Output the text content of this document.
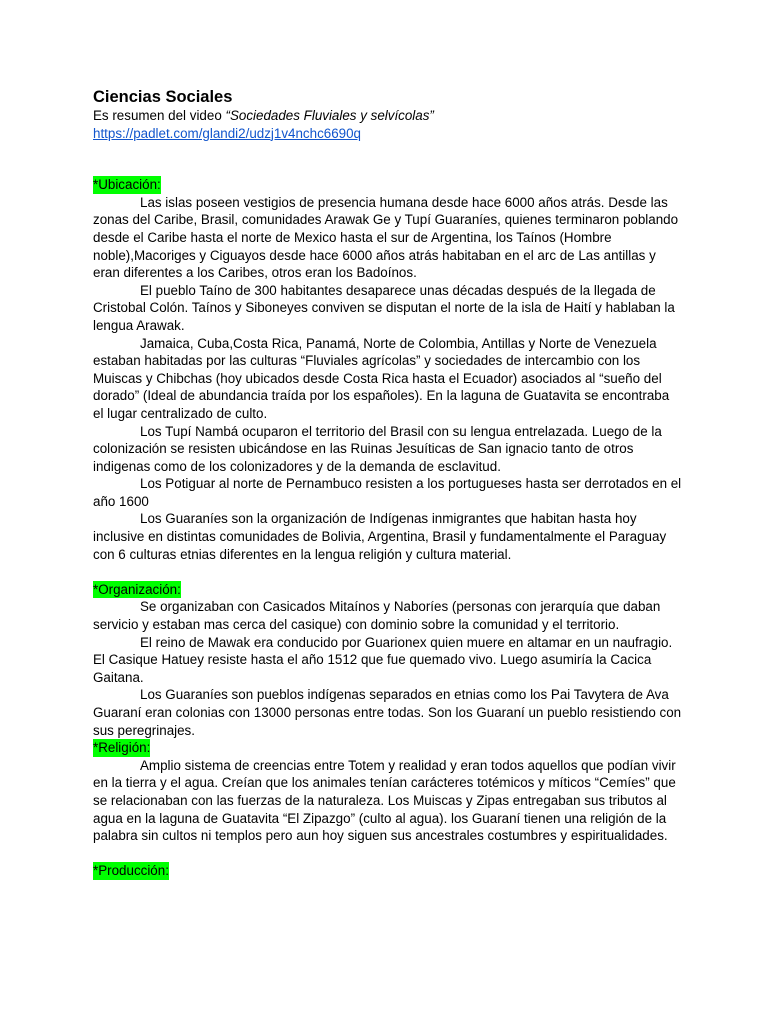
Ciencias Sociales
Es resumen del video “Sociedades Fluviales y selvícolas”
https://padlet.com/glandi2/udzj1v4nchc6690q
*Ubicación:

Las islas poseen vestigios de presencia humana desde hace 6000 años atrás. Desde las zonas del Caribe, Brasil, comunidades Arawak Ge y Tupí Guaraníes, quienes terminaron poblando desde el Caribe hasta el norte de Mexico hasta el sur de Argentina, los Taínos (Hombre noble),Macoriges y Ciguayos desde hace 6000 años atrás habitaban en el arc de Las antillas y eran diferentes a los Caribes, otros eran los Badoínos.

El pueblo Taíno de 300 habitantes desaparece unas décadas después de la llegada de Cristobal Colón. Taínos y Siboneyes conviven se disputan el norte de la isla de Haití y hablaban la lengua Arawak.

Jamaica, Cuba,Costa Rica, Panamá, Norte de Colombia, Antillas y Norte de Venezuela estaban habitadas por las culturas “Fluviales agrícolas” y sociedades de intercambio con los Muiscas y Chibchas (hoy ubicados desde Costa Rica hasta el Ecuador) asociados al “sueño del dorado” (Ideal de abundancia traída por los españoles). En la laguna de Guatavita se encontraba el lugar centralizado de culto.

Los Tupí Nambá ocuparon el territorio del Brasil con su lengua entrelazada. Luego de la colonización se resisten ubicándose en las Ruinas Jesuíticas de San ignacio tanto de otros indigenas como de los colonizadores y de la demanda de esclavitud.

Los Potiguar al norte de Pernambuco resisten a los portugueses hasta ser derrotados en el año 1600

Los Guaraníes son la organización de Indígenas inmigrantes que habitan hasta hoy inclusive en distintas comunidades de Bolivia, Argentina, Brasil y fundamentalmente el Paraguay con 6 culturas etnias diferentes en la lengua religión y cultura material.

*Organización:

Se organizaban con Casicados Mitaínos y Naboríes (personas con jerarquía que daban servicio y estaban mas cerca del casique) con dominio sobre la comunidad y el territorio.

El reino de Mawak era conducido por Guarionex quien muere en altamar en un naufragio. El Casique Hatuey resiste hasta el año 1512 que fue quemado vivo. Luego asumiría la Cacica Gaitana.

Los Guaraníes son pueblos indígenas separados en etnias como los Pai Tavytera de Ava Guaraní eran colonias con 13000 personas entre todas. Son los Guaraní un pueblo resistiendo con sus peregrinajes.

*Religión:

Amplio sistema de creencias entre Totem y realidad y eran todos aquellos que podían vivir en la tierra y el agua. Creían que los animales tenían carácteres totémicos y míticos “Cemíes” que se relacionaban con las fuerzas de la naturaleza. Los Muiscas y Zipas entregaban sus tributos al agua en la laguna de Guatavita “El Zipazgo” (culto al agua). los Guaraní tienen una religión de la palabra sin cultos ni templos pero aun hoy siguen sus ancestrales costumbres y espiritualidades.

*Producción:
